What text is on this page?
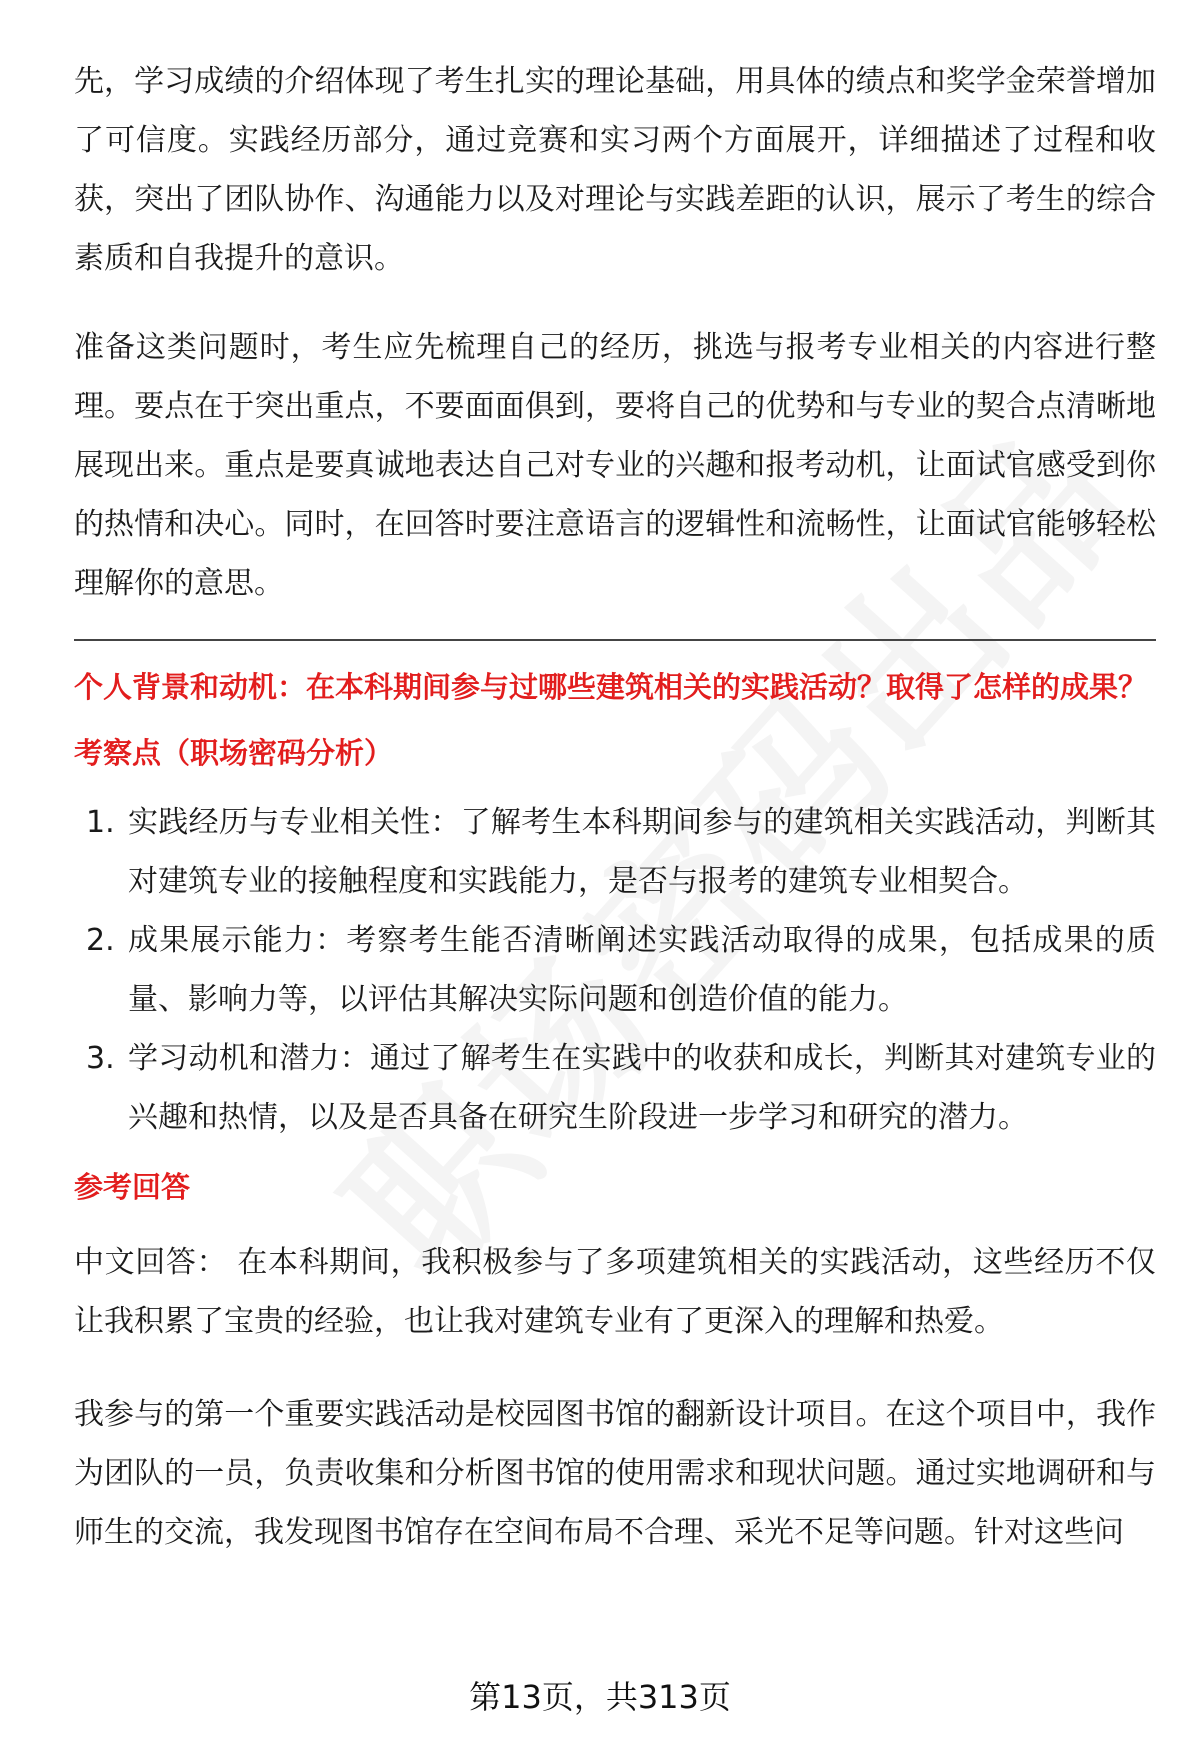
先，学习成绩的介绍体现了考生扎实的理论基础，用具体的绩点和奖学金荣誉增加了可信度。实践经历部分，通过竞赛和实习两个方面展开，详细描述了过程和收获，突出了团队协作、沟通能力以及对理论与实践差距的认识，展示了考生的综合素质和自我提升的意识。

准备这类问题时，考生应先梳理自己的经历，挑选与报考专业相关的内容进行整理。要点在于突出重点，不要面面俱到，要将自己的优势和与专业的契合点清晰地展现出来。重点是要真诚地表达自己对专业的兴趣和报考动机，让面试官感受到你的热情和决心。同时，在回答时要注意语言的逻辑性和流畅性，让面试官能够轻松理解你的意思。

个人背景和动机：在本科期间参与过哪些建筑相关的实践活动？取得了怎样的成果？

考察点（职场密码分析）

1. 实践经历与专业相关性：了解考生本科期间参与的建筑相关实践活动，判断其对建筑专业的接触程度和实践能力，是否与报考的建筑专业相契合。
2. 成果展示能力：考察考生能否清晰阐述实践活动取得的成果，包括成果的质量、影响力等，以评估其解决实际问题和创造价值的能力。
3. 学习动机和潜力：通过了解考生在实践中的收获和成长，判断其对建筑专业的兴趣和热情，以及是否具备在研究生阶段进一步学习和研究的潜力。

参考回答

中文回答： 在本科期间，我积极参与了多项建筑相关的实践活动，这些经历不仅让我积累了宝贵的经验，也让我对建筑专业有了更深入的理解和热爱。

我参与的第一个重要实践活动是校园图书馆的翻新设计项目。在这个项目中，我作为团队的一员，负责收集和分析图书馆的使用需求和现状问题。通过实地调研和与师生的交流，我发现图书馆存在空间布局不合理、采光不足等问题。针对这些问

第13页，共313页
